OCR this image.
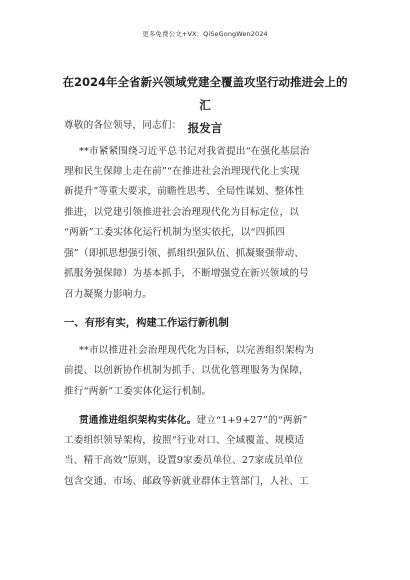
更多免费公文+VX：QiSeGongWen2024
在2024年全省新兴领域党建全覆盖攻坚行动推进会上的汇
报发言
尊敬的各位领导，同志们：
**市紧紧围绕习近平总书记对我省提出“在强化基层治
理和民生保障上走在前”“在推进社会治理现代化上实现
新提升”等重大要求，前瞻性思考、全局性谋划、整体性
推进，以党建引领推进社会治理现代化为目标定位，以
“两新”工委实体化运行机制为坚实依托，以“四抓四
强”（即抓思想强引领、抓组织强队伍、抓凝聚强带动、
抓服务强保障）为基本抓手，不断增强党在新兴领域的号
召力凝聚力影响力。
一、有形有实，构建工作运行新机制
**市以推进社会治理现代化为目标，以完善组织架构为
前提、以创新协作机制为抓手、以优化管理服务为保障，
推行“两新”工委实体化运行机制。
贯通推进组织架构实体化。建立“1+9+27”的“两新”
工委组织领导架构，按照“行业对口、全域覆盖、规模适
当、精干高效”原则，设置9家委员单位、27家成员单位
包含交通、市场、邮政等新就业群体主管部门，人社、工
